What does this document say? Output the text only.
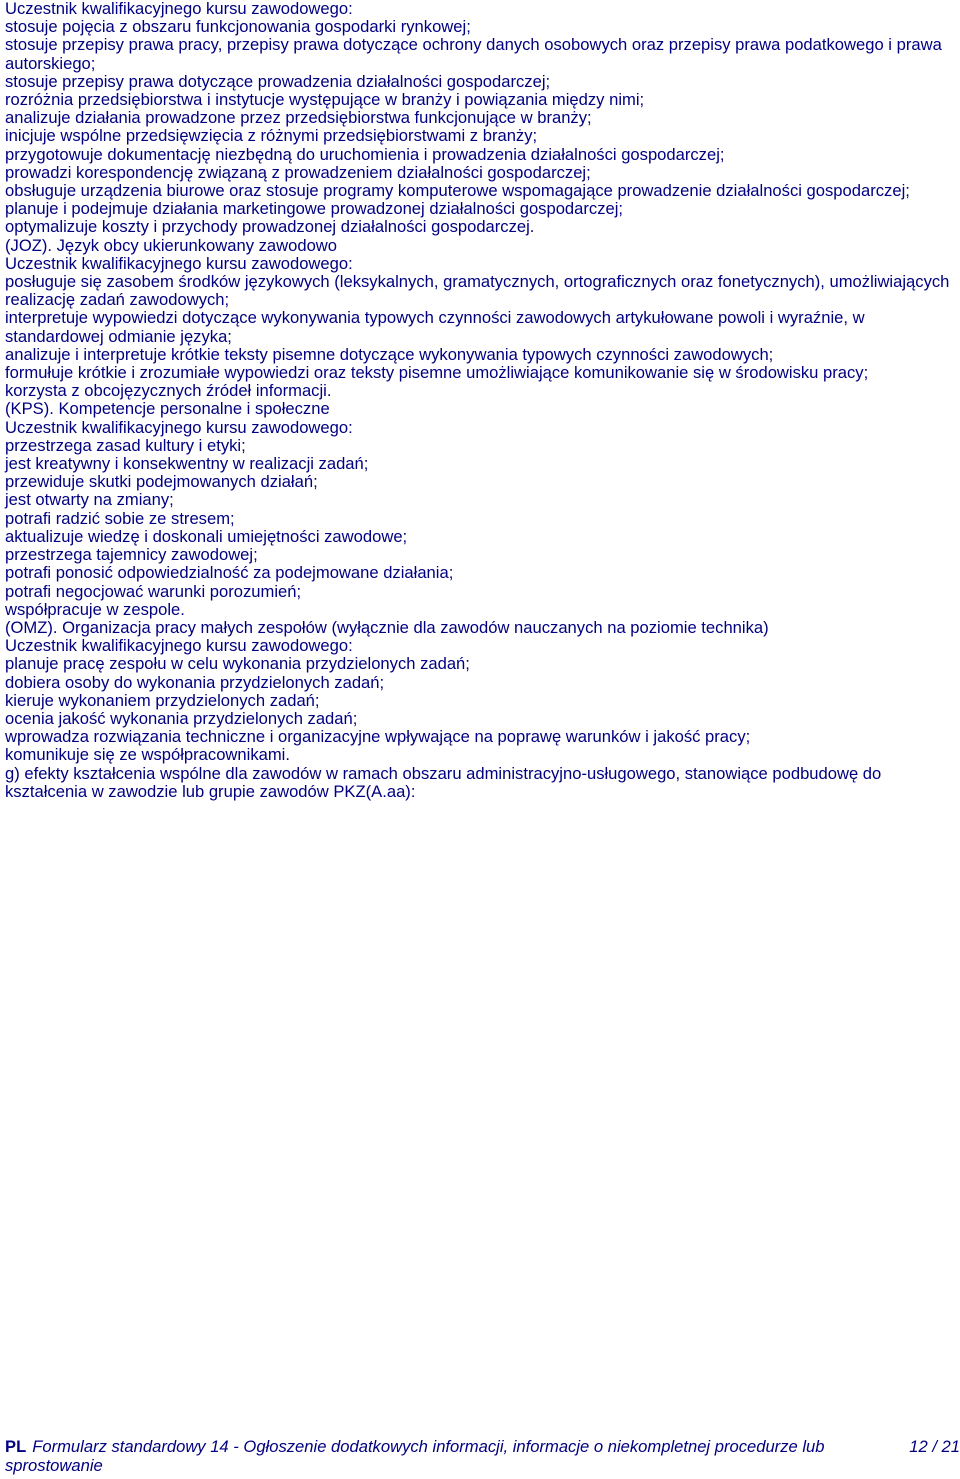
Uczestnik kwalifikacyjnego kursu zawodowego:
stosuje pojęcia z obszaru funkcjonowania gospodarki rynkowej;
stosuje przepisy prawa pracy, przepisy prawa dotyczące ochrony danych osobowych oraz przepisy prawa podatkowego i prawa autorskiego;
stosuje przepisy prawa dotyczące prowadzenia działalności gospodarczej;
rozróżnia przedsiębiorstwa i instytucje występujące w branży i powiązania między nimi;
analizuje działania prowadzone przez przedsiębiorstwa funkcjonujące w branży;
inicjuje wspólne przedsięwzięcia z różnymi przedsiębiorstwami z branży;
przygotowuje dokumentację niezbędną do uruchomienia i prowadzenia działalności gospodarczej;
prowadzi korespondencję związaną z prowadzeniem działalności gospodarczej;
obsługuje urządzenia biurowe oraz stosuje programy komputerowe wspomagające prowadzenie działalności gospodarczej;
planuje i podejmuje działania marketingowe prowadzonej działalności gospodarczej;
optymalizuje koszty i przychody prowadzonej działalności gospodarczej.
(JOZ). Język obcy ukierunkowany zawodowo
Uczestnik kwalifikacyjnego kursu zawodowego:
posługuje się zasobem środków językowych (leksykalnych, gramatycznych, ortograficznych oraz fonetycznych), umożliwiających realizację zadań zawodowych;
interpretuje wypowiedzi dotyczące wykonywania typowych czynności zawodowych artykułowane powoli i wyraźnie, w standardowej odmianie języka;
analizuje i interpretuje krótkie teksty pisemne dotyczące wykonywania typowych czynności zawodowych;
formułuje krótkie i zrozumiałe wypowiedzi oraz teksty pisemne umożliwiające komunikowanie się w środowisku pracy;
korzysta z obcojęzycznych źródeł informacji.
(KPS). Kompetencje personalne i społeczne
Uczestnik kwalifikacyjnego kursu zawodowego:
przestrzega zasad kultury i etyki;
jest kreatywny i konsekwentny w realizacji zadań;
przewiduje skutki podejmowanych działań;
jest otwarty na zmiany;
potrafi radzić sobie ze stresem;
aktualizuje wiedzę i doskonali umiejętności zawodowe;
przestrzega tajemnicy zawodowej;
potrafi ponosić odpowiedzialność za podejmowane działania;
potrafi negocjować warunki porozumień;
współpracuje w zespole.
(OMZ). Organizacja pracy małych zespołów (wyłącznie dla zawodów nauczanych na poziomie technika)
Uczestnik kwalifikacyjnego kursu zawodowego:
planuje pracę zespołu w celu wykonania przydzielonych zadań;
dobiera osoby do wykonania przydzielonych zadań;
kieruje wykonaniem przydzielonych zadań;
ocenia jakość wykonania przydzielonych zadań;
wprowadza rozwiązania techniczne i organizacyjne wpływające na poprawę warunków i jakość pracy;
komunikuje się ze współpracownikami.
g) efekty kształcenia wspólne dla zawodów w ramach obszaru administracyjno-usługowego, stanowiące podbudowę do kształcenia w zawodzie lub grupie zawodów PKZ(A.aa):
PL Formularz standardowy 14 - Ogłoszenie dodatkowych informacji, informacje o niekompletnej procedurze lub
sprostowanie
12 / 21
